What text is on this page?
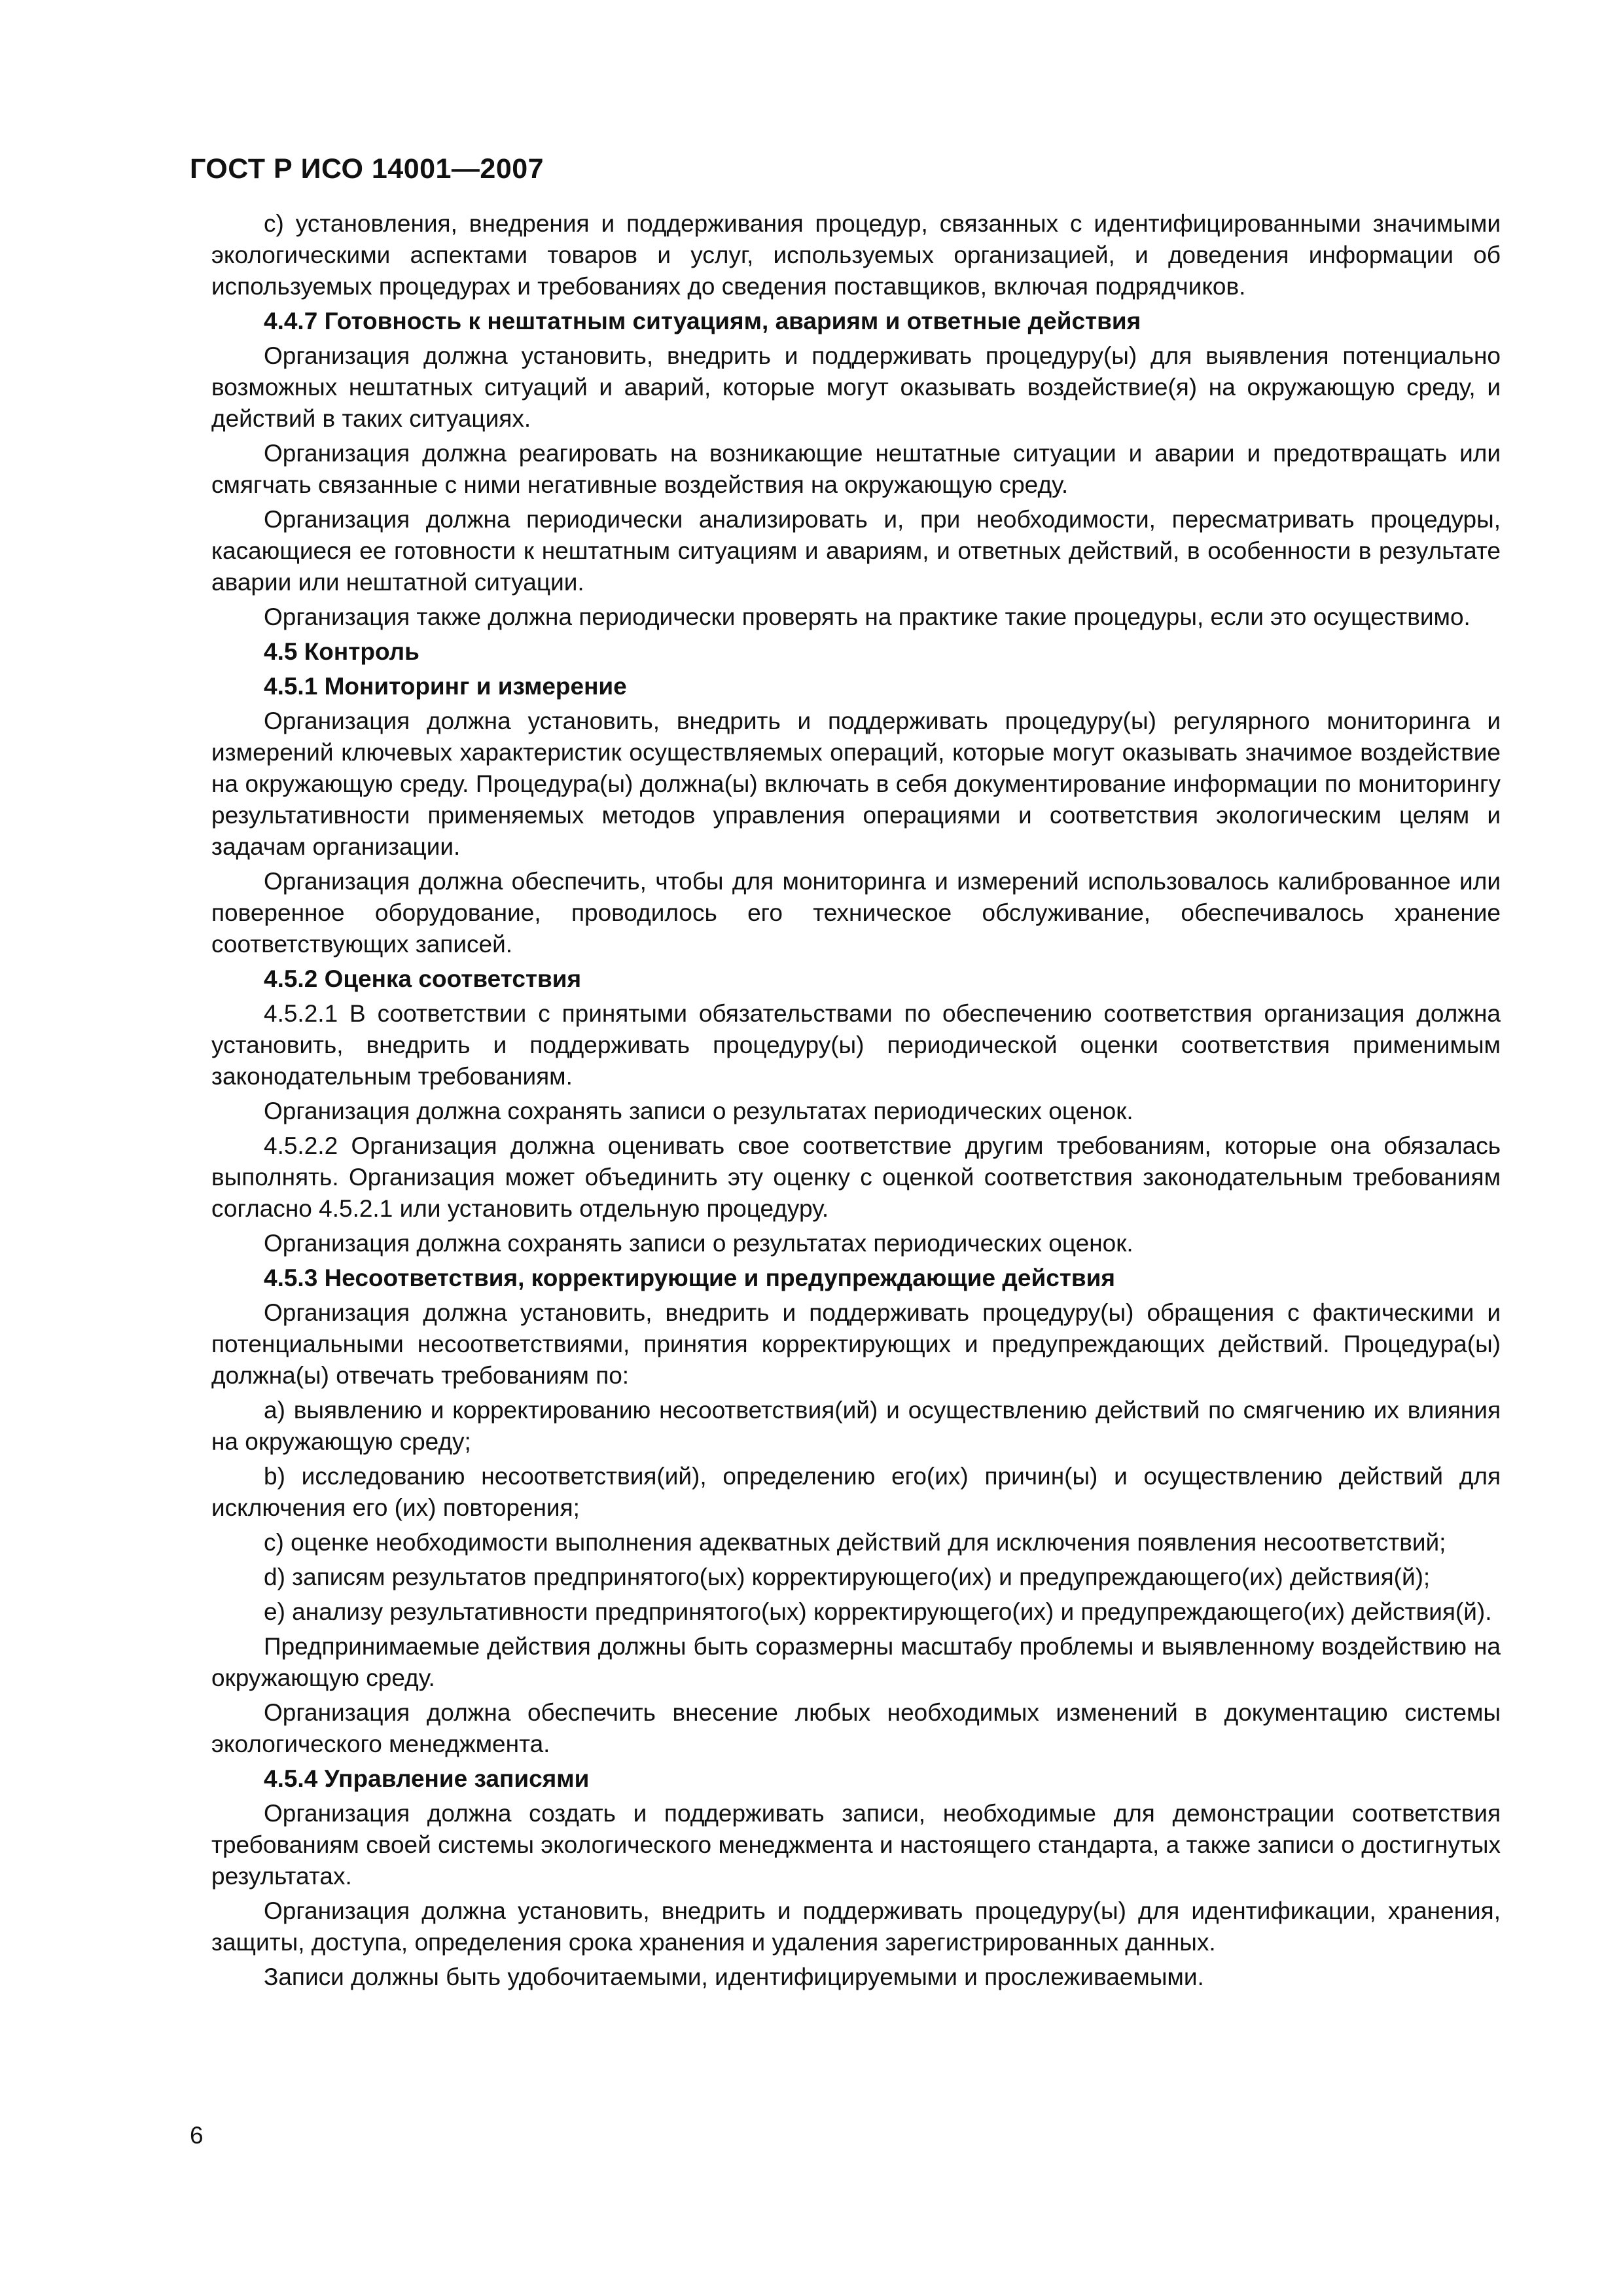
ГОСТ Р ИСО 14001—2007

c) установления, внедрения и поддерживания процедур, связанных с идентифицированными значимыми экологическими аспектами товаров и услуг, используемых организацией, и доведения информации об используемых процедурах и требованиях до сведения поставщиков, включая подрядчиков.

4.4.7 Готовность к нештатным ситуациям, авариям и ответные действия

Организация должна установить, внедрить и поддерживать процедуру(ы) для выявления потенциально возможных нештатных ситуаций и аварий, которые могут оказывать воздействие(я) на окружающую среду, и действий в таких ситуациях.

Организация должна реагировать на возникающие нештатные ситуации и аварии и предотвращать или смягчать связанные с ними негативные воздействия на окружающую среду.

Организация должна периодически анализировать и, при необходимости, пересматривать процедуры, касающиеся ее готовности к нештатным ситуациям и авариям, и ответных действий, в особенности в результате аварии или нештатной ситуации.

Организация также должна периодически проверять на практике такие процедуры, если это осуществимо.

4.5 Контроль

4.5.1 Мониторинг и измерение

Организация должна установить, внедрить и поддерживать процедуру(ы) регулярного мониторинга и измерений ключевых характеристик осуществляемых операций, которые могут оказывать значимое воздействие на окружающую среду. Процедура(ы) должна(ы) включать в себя документирование информации по мониторингу результативности применяемых методов управления операциями и соответствия экологическим целям и задачам организации.

Организация должна обеспечить, чтобы для мониторинга и измерений использовалось калиброванное или поверенное оборудование, проводилось его техническое обслуживание, обеспечивалось хранение соответствующих записей.

4.5.2 Оценка соответствия

4.5.2.1 В соответствии с принятыми обязательствами по обеспечению соответствия организация должна установить, внедрить и поддерживать процедуру(ы) периодической оценки соответствия применимым законодательным требованиям.

Организация должна сохранять записи о результатах периодических оценок.

4.5.2.2 Организация должна оценивать свое соответствие другим требованиям, которые она обязалась выполнять. Организация может объединить эту оценку с оценкой соответствия законодательным требованиям согласно 4.5.2.1 или установить отдельную процедуру.

Организация должна сохранять записи о результатах периодических оценок.

4.5.3 Несоответствия, корректирующие и предупреждающие действия

Организация должна установить, внедрить и поддерживать процедуру(ы) обращения с фактическими и потенциальными несоответствиями, принятия корректирующих и предупреждающих действий. Процедура(ы) должна(ы) отвечать требованиям по:

a) выявлению и корректированию несоответствия(ий) и осуществлению действий по смягчению их влияния на окружающую среду;

b) исследованию несоответствия(ий), определению его(их) причин(ы) и осуществлению действий для исключения его (их) повторения;

c) оценке необходимости выполнения адекватных действий для исключения появления несоответствий;

d) записям результатов предпринятого(ых) корректирующего(их) и предупреждающего(их) действия(й);

e) анализу результативности предпринятого(ых) корректирующего(их) и предупреждающего(их) действия(й).

Предпринимаемые действия должны быть соразмерны масштабу проблемы и выявленному воздействию на окружающую среду.

Организация должна обеспечить внесение любых необходимых изменений в документацию системы экологического менеджмента.

4.5.4 Управление записями

Организация должна создать и поддерживать записи, необходимые для демонстрации соответствия требованиям своей системы экологического менеджмента и настоящего стандарта, а также записи о достигнутых результатах.

Организация должна установить, внедрить и поддерживать процедуру(ы) для идентификации, хранения, защиты, доступа, определения срока хранения и удаления зарегистрированных данных.

Записи должны быть удобочитаемыми, идентифицируемыми и прослеживаемыми.

6
